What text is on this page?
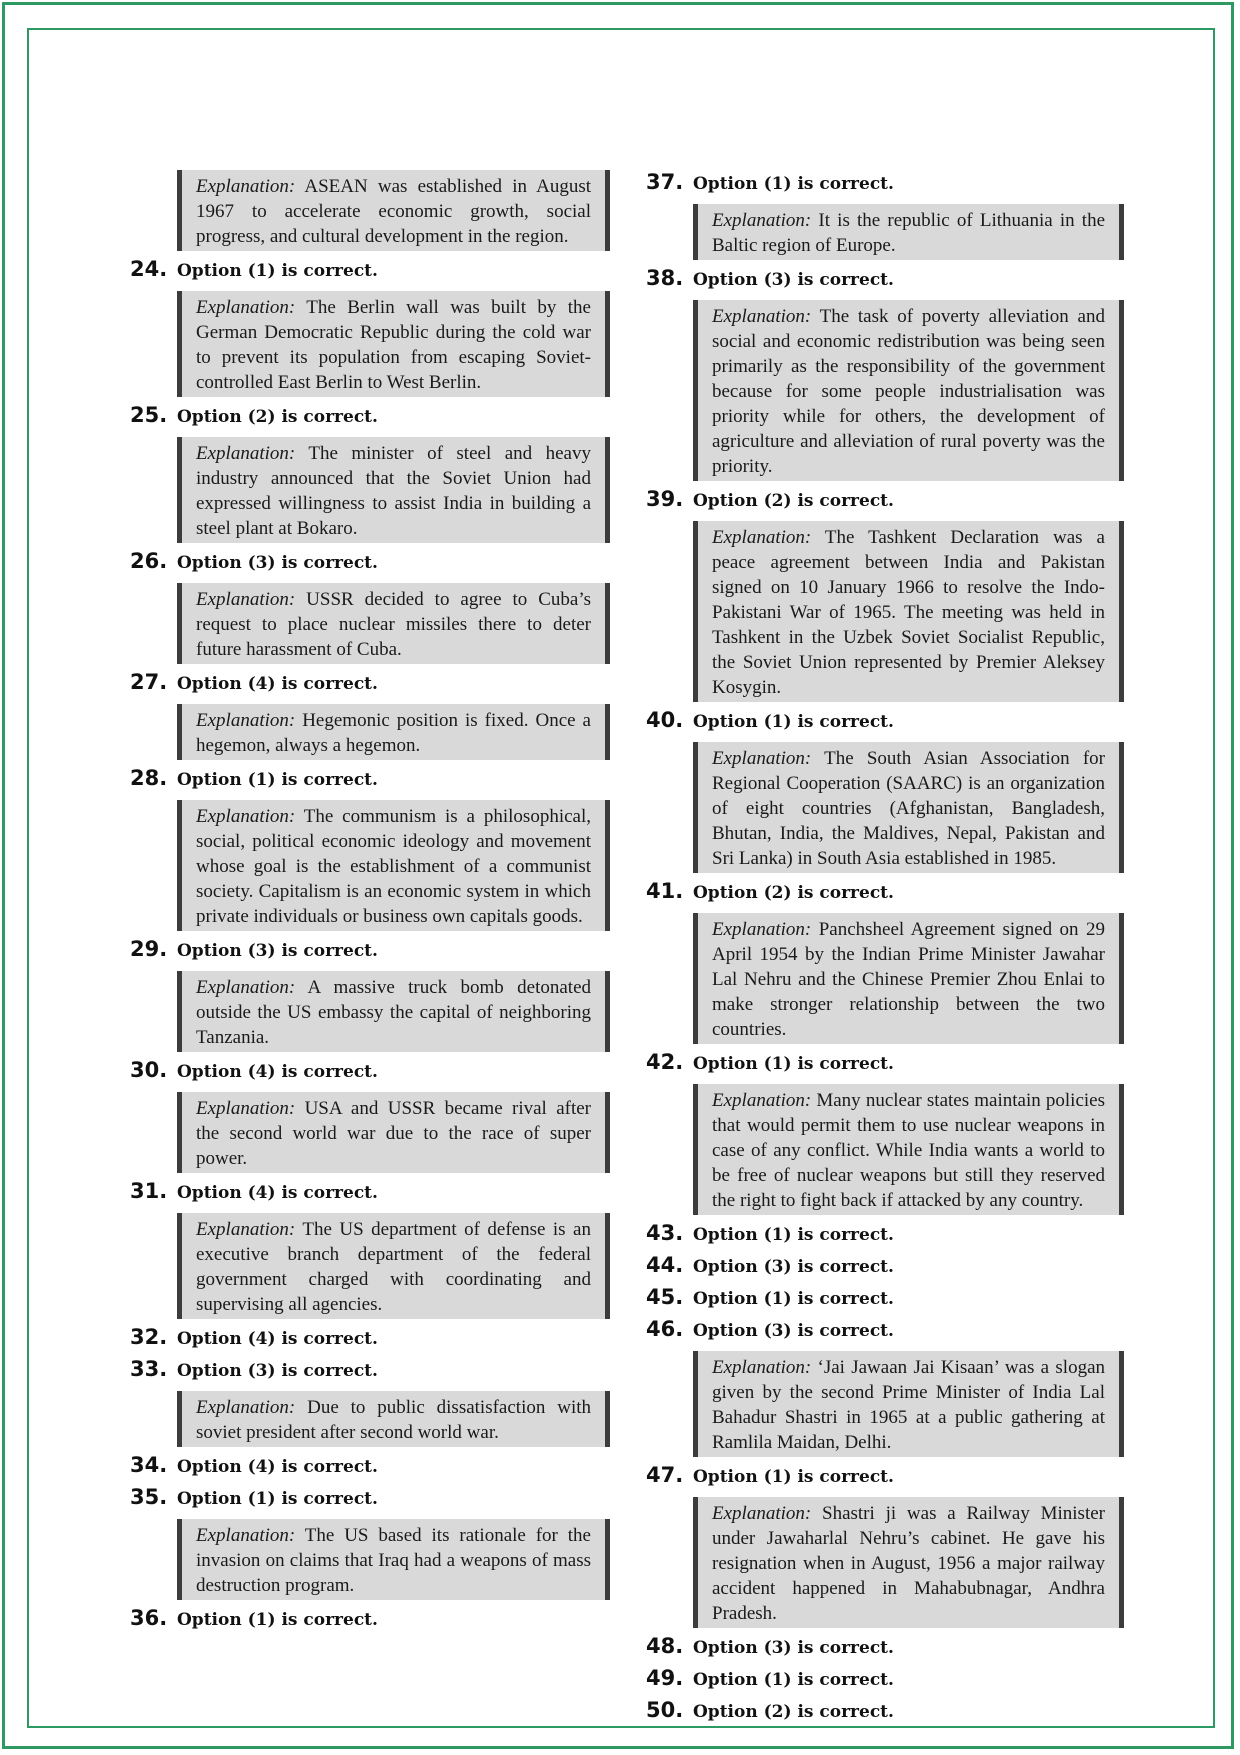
Explanation: ASEAN was established in August 1967 to accelerate economic growth, social progress, and cultural development in the region.
24. Option (1) is correct.
Explanation: The Berlin wall was built by the German Democratic Republic during the cold war to prevent its population from escaping Soviet- controlled East Berlin to West Berlin.
25. Option (2) is correct.
Explanation: The minister of steel and heavy industry announced that the Soviet Union had expressed willingness to assist India in building a steel plant at Bokaro.
26. Option (3) is correct.
Explanation: USSR decided to agree to Cuba’s request to place nuclear missiles there to deter future harassment of Cuba.
27. Option (4) is correct.
Explanation: Hegemonic position is fixed. Once a hegemon, always a hegemon.
28. Option (1) is correct.
Explanation: The communism is a philosophical, social, political economic ideology and movement whose goal is the establishment of a communist society. Capitalism is an economic system in which private individuals or business own capitals goods.
29. Option (3) is correct.
Explanation: A massive truck bomb detonated outside the US embassy the capital of neighboring Tanzania.
30. Option (4) is correct.
Explanation: USA and USSR became rival after the second world war due to the race of super power.
31. Option (4) is correct.
Explanation: The US department of defense is an executive branch department of the federal government charged with coordinating and supervising all agencies.
32. Option (4) is correct.
33. Option (3) is correct.
Explanation: Due to public dissatisfaction with soviet president after second world war.
34. Option (4) is correct.
35. Option (1) is correct.
Explanation: The US based its rationale for the invasion on claims that Iraq had a weapons of mass destruction program.
36. Option (1) is correct.
37. Option (1) is correct.
Explanation: It is the republic of Lithuania in the Baltic region of Europe.
38. Option (3) is correct.
Explanation: The task of poverty alleviation and social and economic redistribution was being seen primarily as the responsibility of the government because for some people industrialisation was priority while for others, the development of agriculture and alleviation of rural poverty was the priority.
39. Option (2) is correct.
Explanation: The Tashkent Declaration was a peace agreement between India and Pakistan signed on 10 January 1966 to resolve the Indo-Pakistani War of 1965. The meeting was held in Tashkent in the Uzbek Soviet Socialist Republic, the Soviet Union represented by Premier Aleksey Kosygin.
40. Option (1) is correct.
Explanation: The South Asian Association for Regional Cooperation (SAARC) is an organization of eight countries (Afghanistan, Bangladesh, Bhutan, India, the Maldives, Nepal, Pakistan and Sri Lanka) in South Asia established in 1985.
41. Option (2) is correct.
Explanation: Panchsheel Agreement signed on 29 April 1954 by the Indian Prime Minister Jawahar Lal Nehru and the Chinese Premier Zhou Enlai to make stronger relationship between the two countries.
42. Option (1) is correct.
Explanation: Many nuclear states maintain policies that would permit them to use nuclear weapons in case of any conflict. While India wants a world to be free of nuclear weapons but still they reserved the right to fight back if attacked by any country.
43. Option (1) is correct.
44. Option (3) is correct.
45. Option (1) is correct.
46. Option (3) is correct.
Explanation: ‘Jai Jawaan Jai Kisaan’ was a slogan given by the second Prime Minister of India Lal Bahadur Shastri in 1965 at a public gathering at Ramlila Maidan, Delhi.
47. Option (1) is correct.
Explanation: Shastri ji was a Railway Minister under Jawaharlal Nehru’s cabinet. He gave his resignation when in August, 1956 a major railway accident happened in Mahabubnagar, Andhra Pradesh.
48. Option (3) is correct.
49. Option (1) is correct.
50. Option (2) is correct.
